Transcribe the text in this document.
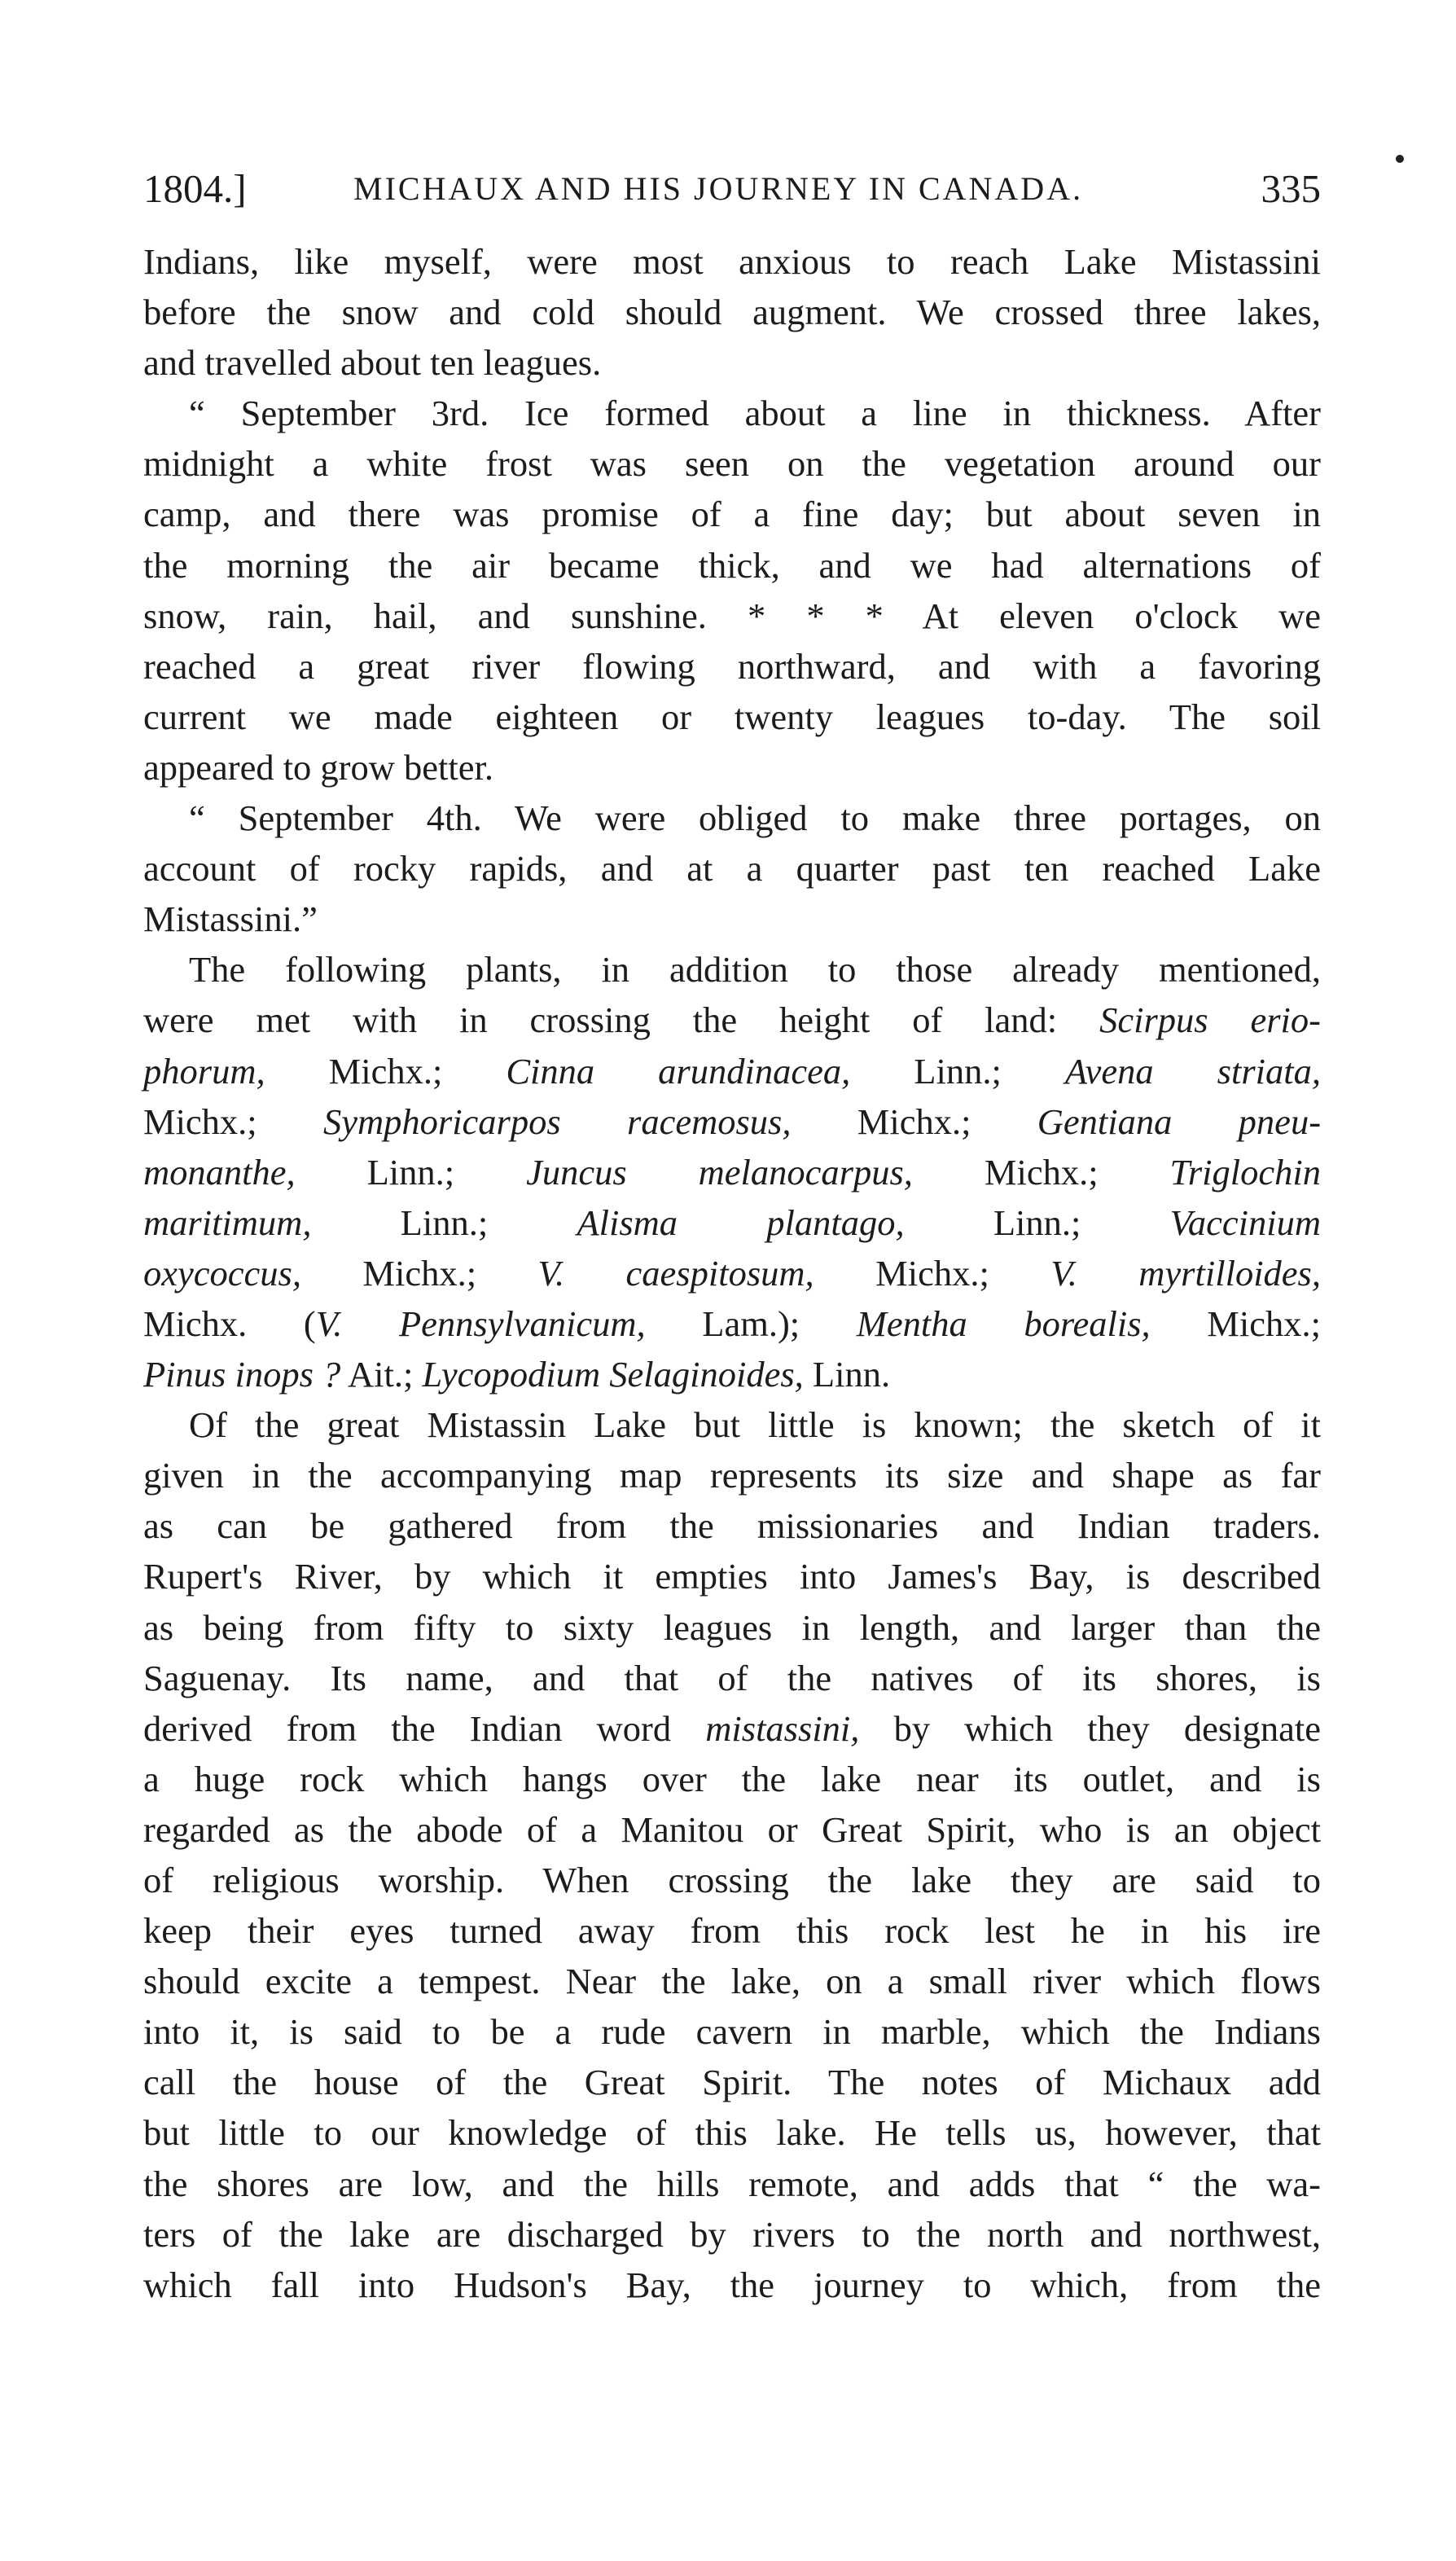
1804.]	MICHAUX AND HIS JOURNEY IN CANADA.	335
Indians, like myself, were most anxious to reach Lake Mistassini
before the snow and cold should augment. We crossed three lakes,
and travelled about ten leagues.
“ September 3rd. Ice formed about a line in thickness. After
midnight a white frost was seen on the vegetation around our
camp, and there was promise of a fine day; but about seven in
the morning the air became thick, and we had alternations of
snow, rain, hail, and sunshine. * * * At eleven o'clock we
reached a great river flowing northward, and with a favoring
current we made eighteen or twenty leagues to-day. The soil
appeared to grow better.
“ September 4th. We were obliged to make three portages, on
account of rocky rapids, and at a quarter past ten reached Lake
Mistassini.”
The following plants, in addition to those already mentioned,
were met with in crossing the height of land: Scirpus erio-
phorum, Michx.; Cinna arundinacea, Linn.; Avena striata,
Michx.; Symphoricarpos racemosus, Michx.; Gentiana pneu-
monanthe, Linn.; Juncus melanocarpus, Michx.; Triglochin
maritimum, Linn.; Alisma plantago, Linn.; Vaccinium
oxycoccus, Michx.; V. caespitosum, Michx.; V. myrtilloides,
Michx. (V. Pennsylvanicum, Lam.); Mentha borealis, Michx.;
Pinus inops ? Ait.; Lycopodium Selaginoides, Linn.
Of the great Mistassin Lake but little is known; the sketch of it
given in the accompanying map represents its size and shape as far
as can be gathered from the missionaries and Indian traders.
Rupert's River, by which it empties into James's Bay, is described
as being from fifty to sixty leagues in length, and larger than the
Saguenay. Its name, and that of the natives of its shores, is
derived from the Indian word mistassini, by which they designate
a huge rock which hangs over the lake near its outlet, and is
regarded as the abode of a Manitou or Great Spirit, who is an object
of religious worship. When crossing the lake they are said to
keep their eyes turned away from this rock lest he in his ire
should excite a tempest. Near the lake, on a small river which flows
into it, is said to be a rude cavern in marble, which the Indians
call the house of the Great Spirit. The notes of Michaux add
but little to our knowledge of this lake. He tells us, however, that
the shores are low, and the hills remote, and adds that “ the wa-
ters of the lake are discharged by rivers to the north and northwest,
which fall into Hudson's Bay, the journey to which, from the
